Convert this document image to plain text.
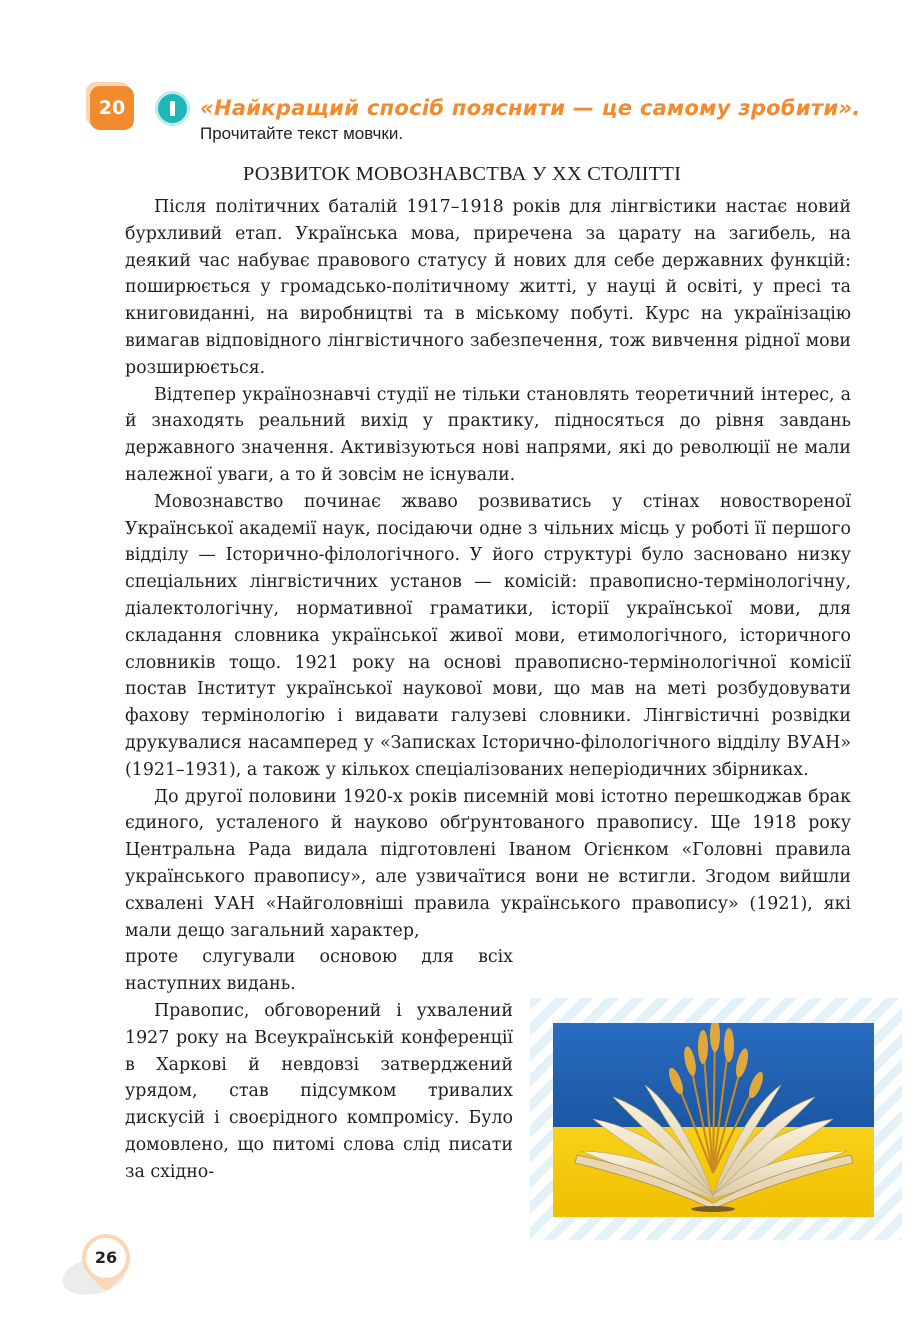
20	«Найкращий спосіб пояснити — це самому зробити».
Прочитайте текст мовчки.
РОЗВИТОК МОВОЗНАВСТВА У XX СТОЛІТТІ

Після політичних баталій 1917–1918 років для лінгвістики настає новий бурхливий етап. Українська мова, приречена за царату на загибель, на деякий час набуває правового статусу й нових для себе державних функцій: поширюється у громадсько-політичному житті, у науці й освіті, у пресі та книговиданні, на виробництві та в міському побуті. Курс на українізацію вимагав відповідного лінгвістичного забезпечення, тож вивчення рідної мови розширюється.

Відтепер українознавчі студії не тільки становлять теоретичний інтерес, а й знаходять реальний вихід у практику, підносяться до рівня завдань державного значення. Активізуються нові напрями, які до революції не мали належної уваги, а то й зовсім не існували.

Мовознавство починає жваво розвиватись у стінах новоствореної Української академії наук, посідаючи одне з чільних місць у роботі її першого відділу — Історично-філологічного. У його структурі було засновано низку спеціальних лінгвістичних установ — комісій: правописно-термінологічну, діалектологічну, нормативної граматики, історії української мови, для складання словника української живої мови, етимологічного, історичного словників тощо. 1921 року на основі правописно-термінологічної комісії постав Інститут української наукової мови, що мав на меті розбудовувати фахову термінологію і видавати галузеві словники. Лінгвістичні розвідки друкувалися насамперед у «Записках Історично-філологічного відділу ВУАН» (1921–1931), а також у кількох спеціалізованих неперіодичних збірниках.

До другої половини 1920-х років писемній мові істотно перешкоджав брак єдиного, усталеного й науково обґрунтованого правопису. Ще 1918 року Центральна Рада видала підготовлені Іваном Огієнком «Головні правила українського правопису», але узвичаїтися вони не встигли. Згодом вийшли схвалені УАН «Найголовніші правила українського правопису» (1921), які мали дещо загальний характер,

проте слугували основою для всіх наступних видань.

Правопис, обговорений і ухвалений 1927 року на Всеукраїнській конференції в Харкові й невдовзі затверджений урядом, став підсумком тривалих дискусій і своєрідного компромісу. Було домовлено, що питомі слова слід писати за східно-

26
